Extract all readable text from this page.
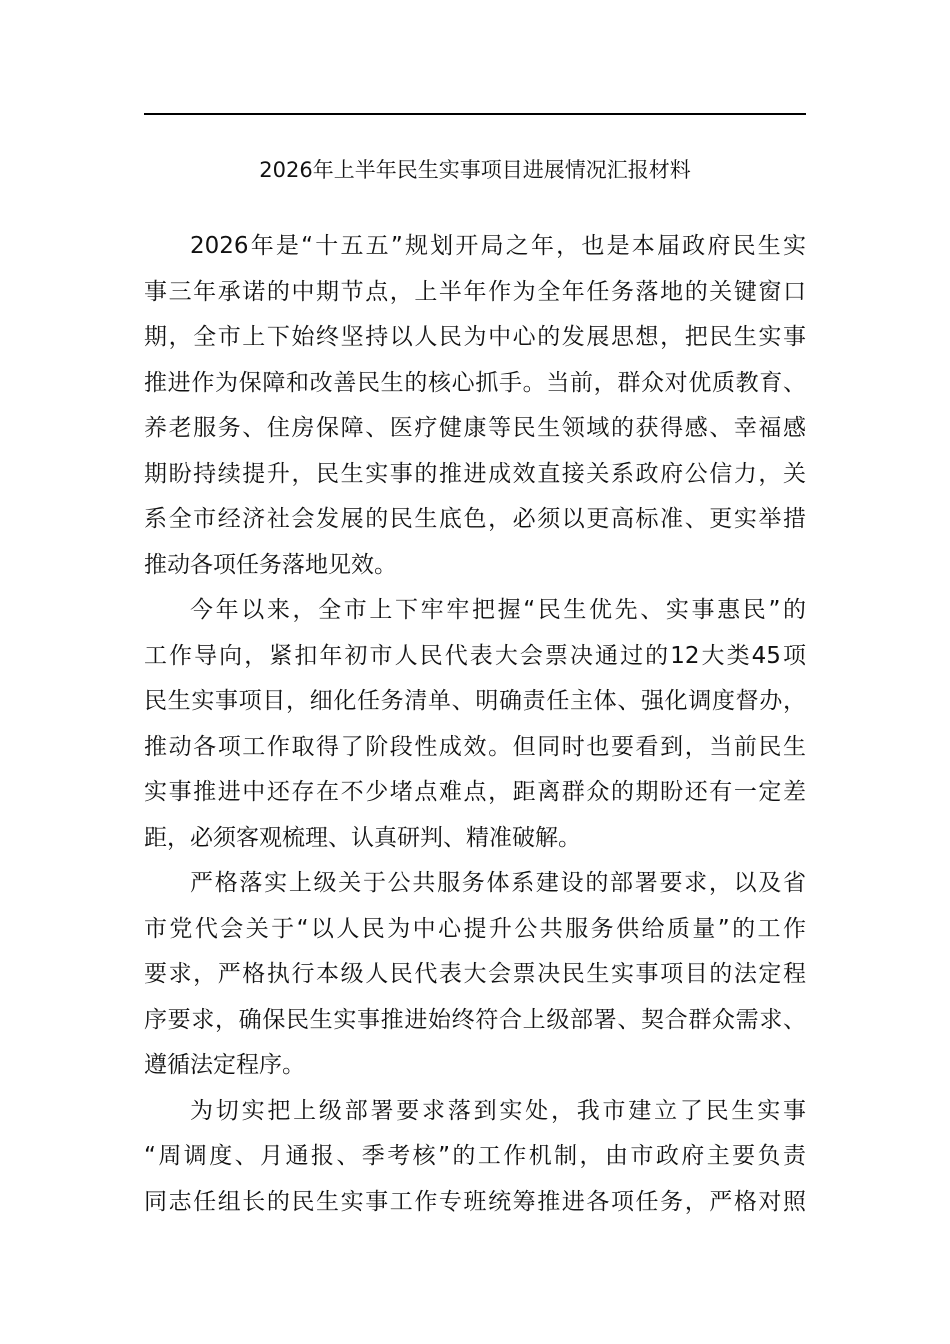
2026年上半年民生实事项目进展情况汇报材料
2026年是“十五五”规划开局之年，也是本届政府民生实
事三年承诺的中期节点，上半年作为全年任务落地的关键窗口
期，全市上下始终坚持以人民为中心的发展思想，把民生实事
推进作为保障和改善民生的核心抓手。当前，群众对优质教育、
养老服务、住房保障、医疗健康等民生领域的获得感、幸福感
期盼持续提升，民生实事的推进成效直接关系政府公信力，关
系全市经济社会发展的民生底色，必须以更高标准、更实举措
推动各项任务落地见效。
今年以来，全市上下牢牢把握“民生优先、实事惠民”的
工作导向，紧扣年初市人民代表大会票决通过的12大类45项
民生实事项目，细化任务清单、明确责任主体、强化调度督办，
推动各项工作取得了阶段性成效。但同时也要看到，当前民生
实事推进中还存在不少堵点难点，距离群众的期盼还有一定差
距，必须客观梳理、认真研判、精准破解。
严格落实上级关于公共服务体系建设的部署要求，以及省
市党代会关于“以人民为中心提升公共服务供给质量”的工作
要求，严格执行本级人民代表大会票决民生实事项目的法定程
序要求，确保民生实事推进始终符合上级部署、契合群众需求、
遵循法定程序。
为切实把上级部署要求落到实处，我市建立了民生实事
“周调度、月通报、季考核”的工作机制，由市政府主要负责
同志任组长的民生实事工作专班统筹推进各项任务，严格对照
